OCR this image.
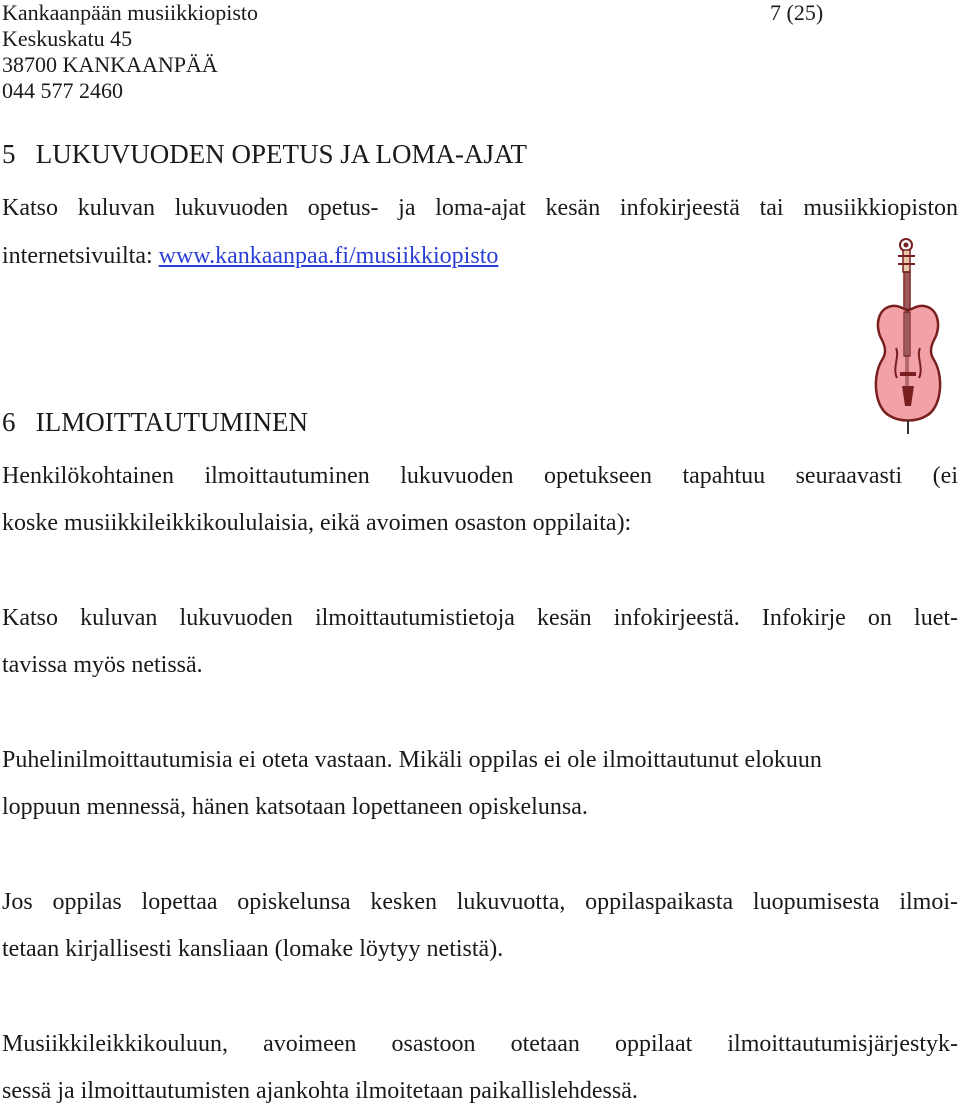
Kankaanpään musiikkiopisto	7 (25)
Keskuskatu 45
38700 KANKAANPÄÄ
044 577 2460
5   LUKUVUODEN OPETUS JA LOMA-AJAT
Katso kuluvan lukuvuoden opetus- ja loma-ajat kesän infokirjeestä tai musiikkiopiston
internetsivuilta: www.kankaanpaa.fi/musiikkiopisto
6   ILMOITTAUTUMINEN
Henkilökohtainen ilmoittautuminen lukuvuoden opetukseen tapahtuu seuraavasti (ei
koske musiikkileikkikoululaisia, eikä avoimen osaston oppilaita):
Katso kuluvan lukuvuoden ilmoittautumistietoja kesän infokirjeestä. Infokirje on luet-
tavissa myös netissä.
Puhelinilmoittautumisia ei oteta vastaan. Mikäli oppilas ei ole ilmoittautunut elokuun
loppuun mennessä, hänen katsotaan lopettaneen opiskelunsa.
Jos oppilas lopettaa opiskelunsa kesken lukuvuotta, oppilaspaikasta luopumisesta ilmoi-
tetaan kirjallisesti kansliaan (lomake löytyy netistä).
Musiikkileikkikouluun, avoimeen osastoon otetaan oppilaat ilmoittautumisjärjestyk-
sessä ja ilmoittautumisten ajankohta ilmoitetaan paikallislehdessä.
